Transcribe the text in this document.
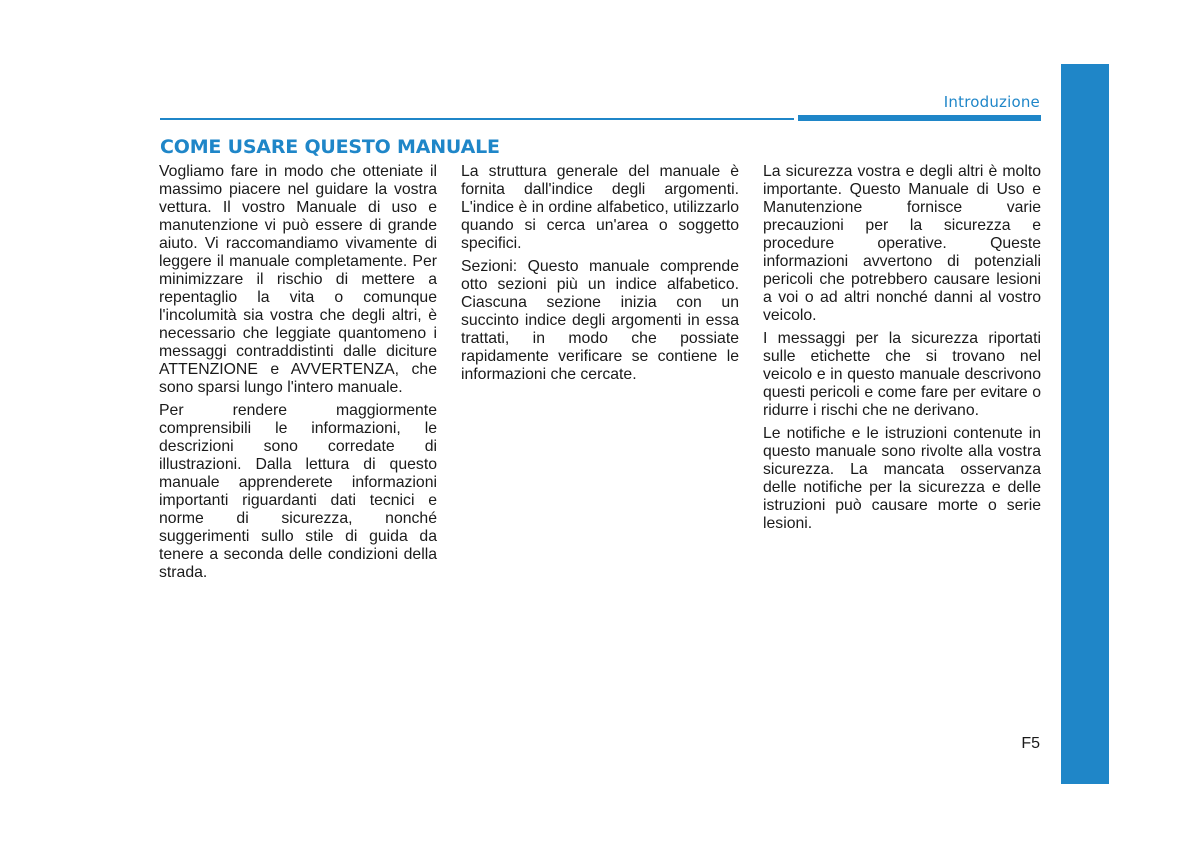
Introduzione
COME USARE QUESTO MANUALE

Vogliamo fare in modo che otteniate il massimo piacere nel guidare la vostra vettura. Il vostro Manuale di uso e manutenzione vi può essere di grande aiuto. Vi raccomandiamo vivamente di leggere il manuale completamente. Per minimizzare il rischio di mettere a repentaglio la vita o comunque l'incolumità sia vostra che degli altri, è necessario che leggiate quantomeno i messaggi contraddistinti dalle diciture ATTENZIONE e AVVERTENZA, che sono sparsi lungo l'intero manuale.

Per rendere maggiormente comprensibili le informazioni, le descrizioni sono corredate di illustrazioni. Dalla lettura di questo manuale apprenderete informazioni importanti riguardanti dati tecnici e norme di sicurezza, nonché suggerimenti sullo stile di guida da tenere a seconda delle condizioni della strada.

La struttura generale del manuale è fornita dall'indice degli argomenti. L'indice è in ordine alfabetico, utilizzarlo quando si cerca un'area o soggetto specifici.

Sezioni: Questo manuale comprende otto sezioni più un indice alfabetico. Ciascuna sezione inizia con un succinto indice degli argomenti in essa trattati, in modo che possiate rapidamente verificare se contiene le informazioni che cercate.

La sicurezza vostra e degli altri è molto importante. Questo Manuale di Uso e Manutenzione fornisce varie precauzioni per la sicurezza e procedure operative. Queste informazioni avvertono di potenziali pericoli che potrebbero causare lesioni a voi o ad altri nonché danni al vostro veicolo.

I messaggi per la sicurezza riportati sulle etichette che si trovano nel veicolo e in questo manuale descrivono questi pericoli e come fare per evitare o ridurre i rischi che ne derivano.

Le notifiche e le istruzioni contenute in questo manuale sono rivolte alla vostra sicurezza. La mancata osservanza delle notifiche per la sicurezza e delle istruzioni può causare morte o serie lesioni.

F5
